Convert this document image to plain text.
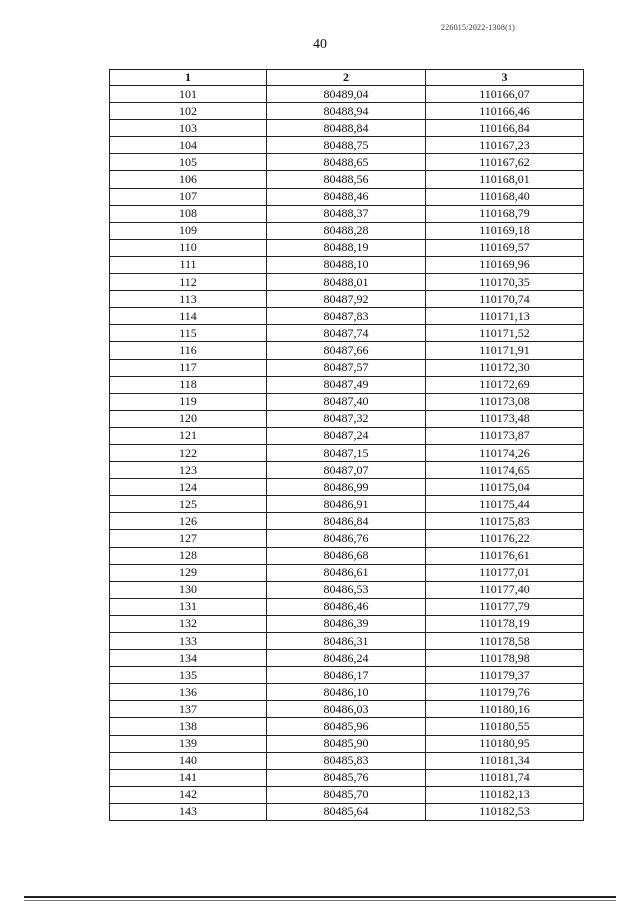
226015/2022-1308(1)
40
1	2	3
101	80489,04	110166,07
102	80488,94	110166,46
103	80488,84	110166,84
104	80488,75	110167,23
105	80488,65	110167,62
106	80488,56	110168,01
107	80488,46	110168,40
108	80488,37	110168,79
109	80488,28	110169,18
110	80488,19	110169,57
111	80488,10	110169,96
112	80488,01	110170,35
113	80487,92	110170,74
114	80487,83	110171,13
115	80487,74	110171,52
116	80487,66	110171,91
117	80487,57	110172,30
118	80487,49	110172,69
119	80487,40	110173,08
120	80487,32	110173,48
121	80487,24	110173,87
122	80487,15	110174,26
123	80487,07	110174,65
124	80486,99	110175,04
125	80486,91	110175,44
126	80486,84	110175,83
127	80486,76	110176,22
128	80486,68	110176,61
129	80486,61	110177,01
130	80486,53	110177,40
131	80486,46	110177,79
132	80486,39	110178,19
133	80486,31	110178,58
134	80486,24	110178,98
135	80486,17	110179,37
136	80486,10	110179,76
137	80486,03	110180,16
138	80485,96	110180,55
139	80485,90	110180,95
140	80485,83	110181,34
141	80485,76	110181,74
142	80485,70	110182,13
143	80485,64	110182,53
